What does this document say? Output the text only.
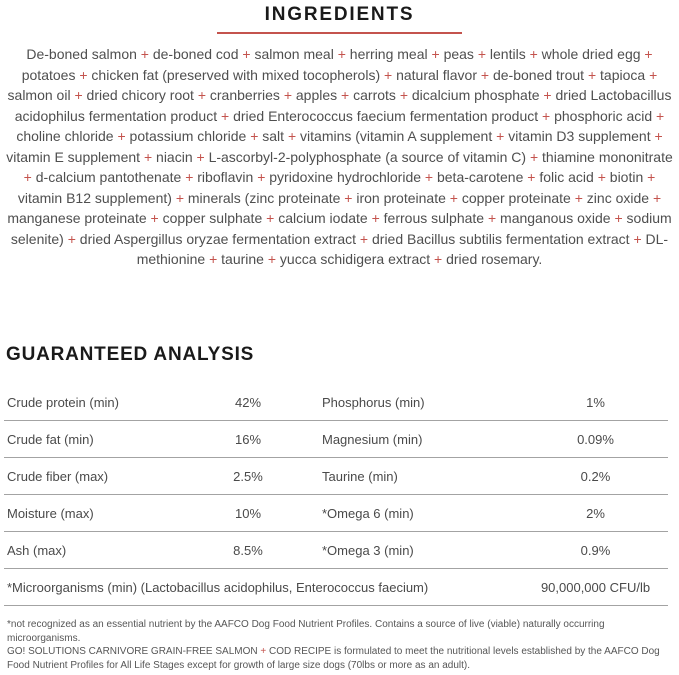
INGREDIENTS

De-boned salmon + de-boned cod + salmon meal + herring meal + peas + lentils + whole dried egg + potatoes + chicken fat (preserved with mixed tocopherols) + natural flavor + de-boned trout + tapioca + salmon oil + dried chicory root + cranberries + apples + carrots + dicalcium phosphate + dried Lactobacillus acidophilus fermentation product + dried Enterococcus faecium fermentation product + phosphoric acid + choline chloride + potassium chloride + salt + vitamins (vitamin A supplement + vitamin D3 supplement + vitamin E supplement + niacin + L-ascorbyl-2-polyphosphate (a source of vitamin C) + thiamine mononitrate + d-calcium pantothenate + riboflavin + pyridoxine hydrochloride + beta-carotene + folic acid + biotin + vitamin B12 supplement) + minerals (zinc proteinate + iron proteinate + copper proteinate + zinc oxide + manganese proteinate + copper sulphate + calcium iodate + ferrous sulphate + manganous oxide + sodium selenite) + dried Aspergillus oryzae fermentation extract + dried Bacillus subtilis fermentation extract + DL-methionine + taurine + yucca schidigera extract + dried rosemary.

GUARANTEED ANALYSIS
Crude protein (min)	42%	Phosphorus (min)	1%
Crude fat (min)	16%	Magnesium (min)	0.09%
Crude fiber (max)	2.5%	Taurine (min)	0.2%
Moisture (max)	10%	*Omega 6 (min)	2%
Ash (max)	8.5%	*Omega 3 (min)	0.9%
*Microorganisms (min) (Lactobacillus acidophilus, Enterococcus faecium)	90,000,000 CFU/lb

*not recognized as an essential nutrient by the AAFCO Dog Food Nutrient Profiles. Contains a source of live (viable) naturally occurring microorganisms.

GO! SOLUTIONS CARNIVORE GRAIN-FREE SALMON + COD RECIPE is formulated to meet the nutritional levels established by the AAFCO Dog Food Nutrient Profiles for All Life Stages except for growth of large size dogs (70lbs or more as an adult).
